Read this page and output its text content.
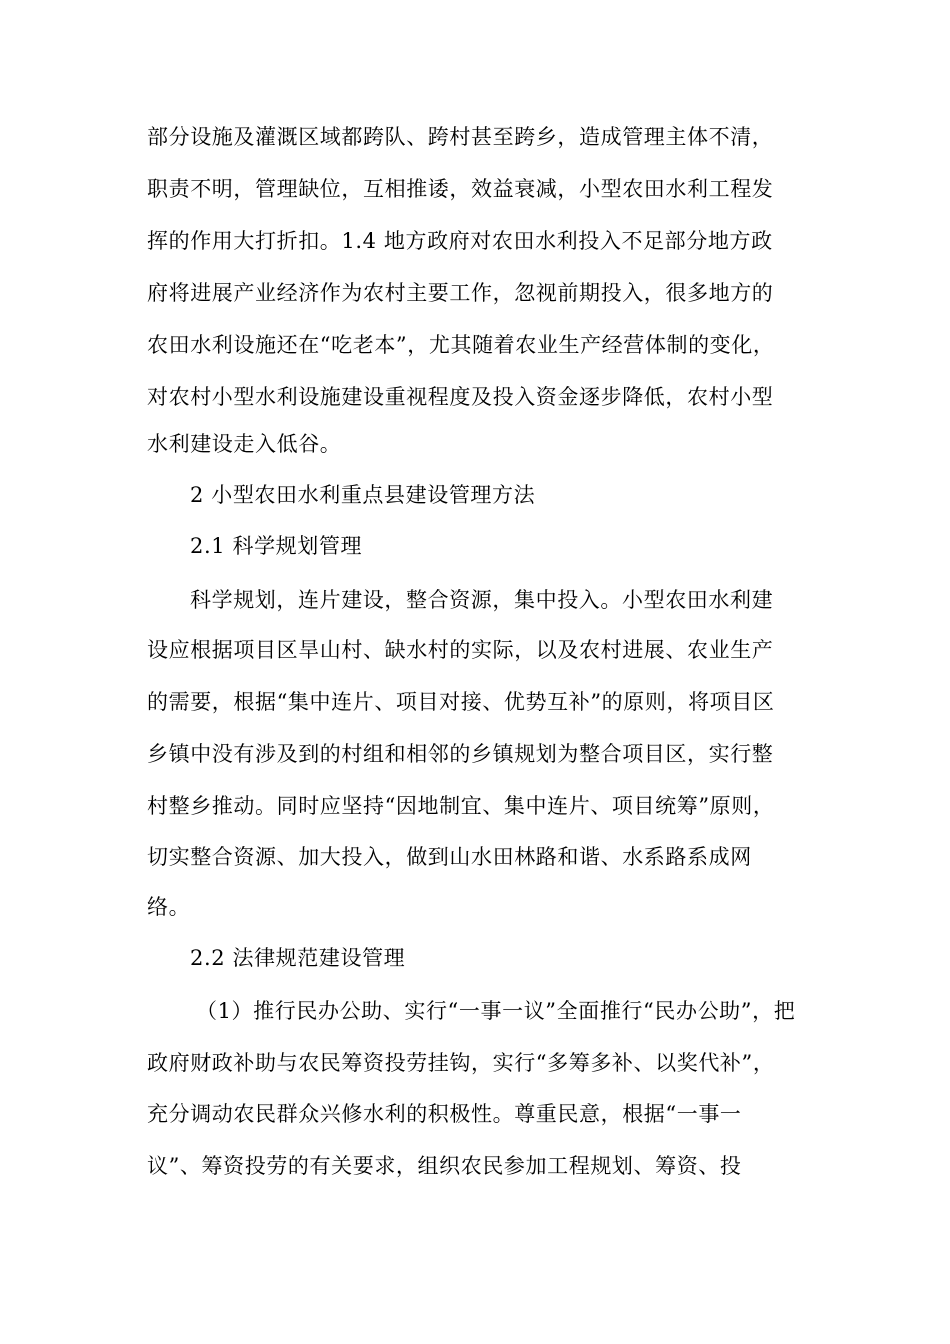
部分设施及灌溉区域都跨队、跨村甚至跨乡，造成管理主体不清，
职责不明，管理缺位，互相推诿，效益衰减，小型农田水利工程发
挥的作用大打折扣。1.4 地方政府对农田水利投入不足部分地方政
府将进展产业经济作为农村主要工作，忽视前期投入，很多地方的
农田水利设施还在“吃老本”，尤其随着农业生产经营体制的变化，
对农村小型水利设施建设重视程度及投入资金逐步降低，农村小型
水利建设走入低谷。
2 小型农田水利重点县建设管理方法
2.1 科学规划管理
科学规划，连片建设，整合资源，集中投入。小型农田水利建
设应根据项目区旱山村、缺水村的实际，以及农村进展、农业生产
的需要，根据“集中连片、项目对接、优势互补”的原则，将项目区
乡镇中没有涉及到的村组和相邻的乡镇规划为整合项目区，实行整
村整乡推动。同时应坚持“因地制宜、集中连片、项目统筹”原则，
切实整合资源、加大投入，做到山水田林路和谐、水系路系成网
络。
2.2 法律规范建设管理
（1）推行民办公助、实行“一事一议”全面推行“民办公助”，把
政府财政补助与农民筹资投劳挂钩，实行“多筹多补、以奖代补”，
充分调动农民群众兴修水利的积极性。尊重民意，根据“一事一
议”、筹资投劳的有关要求，组织农民参加工程规划、筹资、投
